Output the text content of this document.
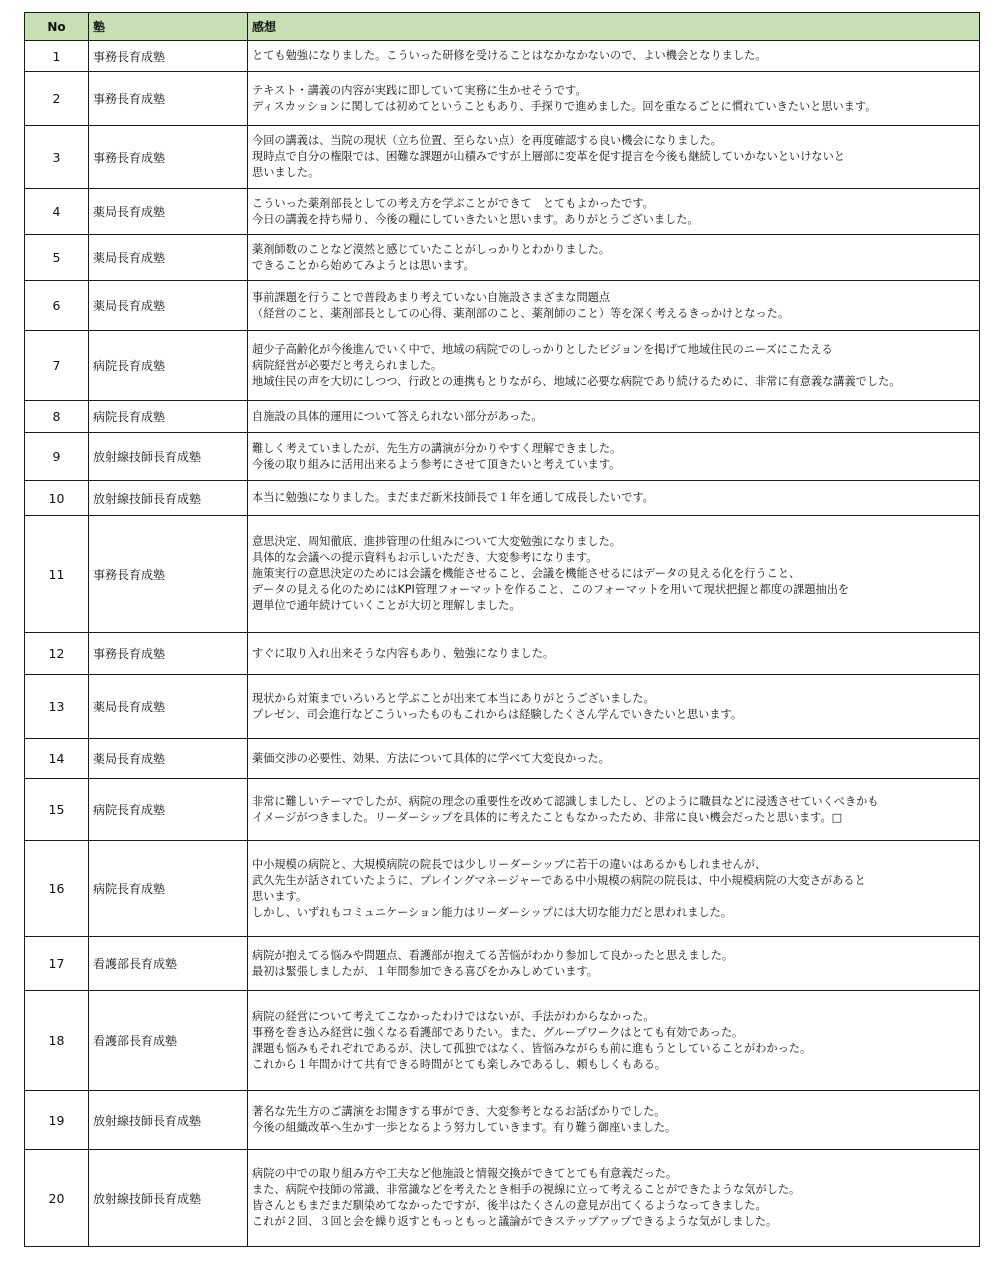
No	塾	感想
1	事務長育成塾	とても勉強になりました。こういった研修を受けることはなかなかないので、よい機会となりました。

2	事務長育成塾	テキスト・講義の内容が実践に即していて実務に生かせそうです。
ディスカッションに関しては初めてということもあり、手探りで進めました。回を重なるごとに慣れていきたいと思います。

3	事務長育成塾	今回の講義は、当院の現状（立ち位置、至らない点）を再度確認する良い機会になりました。
現時点で自分の権限では、困難な課題が山積みですが上層部に変革を促す提言を今後も継続していかないといけないと
思いました。

4	薬局長育成塾	こういった薬剤部長としての考え方を学ぶことができて　とてもよかったです。
今日の講義を持ち帰り、今後の糧にしていきたいと思います。ありがとうございました。

5	薬局長育成塾	薬剤師数のことなど漠然と感じていたことがしっかりとわかりました。
できることから始めてみようとは思います。

6	薬局長育成塾	事前課題を行うことで普段あまり考えていない自施設さまざまな問題点
（経営のこと、薬剤部長としての心得、薬剤部のこと、薬剤師のこと）等を深く考えるきっかけとなった。

7	病院長育成塾	超少子高齢化が今後進んでいく中で、地域の病院でのしっかりとしたビジョンを掲げて地域住民のニーズにこたえる
病院経営が必要だと考えられました。
地域住民の声を大切にしつつ、行政との連携もとりながら、地域に必要な病院であり続けるために、非常に有意義な講義でした。

8	病院長育成塾	自施設の具体的運用について答えられない部分があった。

9	放射線技師長育成塾	難しく考えていましたが、先生方の講演が分かりやすく理解できました。
今後の取り組みに活用出来るよう参考にさせて頂きたいと考えています。

10	放射線技師長育成塾	本当に勉強になりました。まだまだ新米技師長で１年を通して成長したいです。

11	事務長育成塾	意思決定、周知徹底、進捗管理の仕組みについて大変勉強になりました。
具体的な会議への提示資料もお示しいただき、大変参考になります。
施策実行の意思決定のためには会議を機能させること、会議を機能させるにはデータの見える化を行うこと、
データの見える化のためにはKPI管理フォーマットを作ること、このフォーマットを用いて現状把握と都度の課題抽出を
週単位で通年続けていくことが大切と理解しました。

12	事務長育成塾	すぐに取り入れ出来そうな内容もあり、勉強になりました。

13	薬局長育成塾	現状から対策までいろいろと学ぶことが出来て本当にありがとうございました。
プレゼン、司会進行などこういったものもこれからは経験したくさん学んでいきたいと思います。

14	薬局長育成塾	薬価交渉の必要性、効果、方法について具体的に学べて大変良かった。

15	病院長育成塾	非常に難しいテーマでしたが、病院の理念の重要性を改めて認識しましたし、どのように職員などに浸透させていくべきかも
イメージがつきました。リーダーシップを具体的に考えたこともなかったため、非常に良い機会だったと思います。□

16	病院長育成塾	中小規模の病院と、大規模病院の院長では少しリーダーシップに若干の違いはあるかもしれませんが、
武久先生が話されていたように、プレイングマネージャーである中小規模の病院の院長は、中小規模病院の大変さがあると
思います。
しかし、いずれもコミュニケーション能力はリーダーシップには大切な能力だと思われました。

17	看護部長育成塾	病院が抱えてる悩みや問題点、看護部が抱えてる苦悩がわかり参加して良かったと思えました。
最初は緊張しましたが、１年間参加できる喜びをかみしめています。

18	看護部長育成塾	病院の経営について考えてこなかったわけではないが、手法がわからなかった。
事務を巻き込み経営に強くなる看護部でありたい。また、グループワークはとても有効であった。
課題も悩みもそれぞれであるが、決して孤独ではなく、皆悩みながらも前に進もうとしていることがわかった。
これから１年間かけて共有できる時間がとても楽しみであるし、頼もしくもある。

19	放射線技師長育成塾	著名な先生方のご講演をお聞きする事ができ、大変参考となるお話ばかりでした。
今後の組織改革へ生かす一歩となるよう努力していきます。有り難う御座いました。

20	放射線技師長育成塾	病院の中での取り組み方や工夫など他施設と情報交換ができてとても有意義だった。
また、病院や技師の常識、非常識などを考えたとき相手の視線に立って考えることができたような気がした。
皆さんともまだまだ馴染めてなかったですが、後半はたくさんの意見が出てくるようなってきました。
これが２回、３回と会を繰り返すともっともっと議論ができステップアップできるような気がしました。
